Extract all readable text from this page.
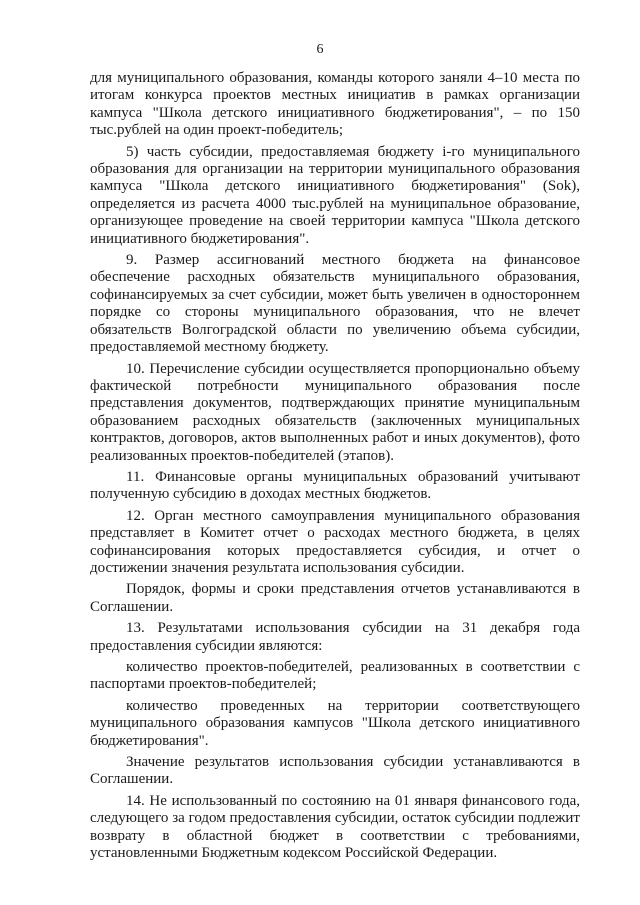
6

для муниципального образования, команды которого заняли 4–10 места по итогам конкурса проектов местных инициатив в рамках организации кампуса "Школа детского инициативного бюджетирования", – по 150 тыс.рублей на один проект-победитель;

5) часть субсидии, предоставляемая бюджету i-го муниципального образования для организации на территории муниципального образования кампуса "Школа детского инициативного бюджетирования" (Sok), определяется из расчета 4000 тыс.рублей на муниципальное образование, организующее проведение на своей территории кампуса "Школа детского инициативного бюджетирования".

9. Размер ассигнований местного бюджета на финансовое обеспечение расходных обязательств муниципального образования, софинансируемых за счет субсидии, может быть увеличен в одностороннем порядке со стороны муниципального образования, что не влечет обязательств Волгоградской области по увеличению объема субсидии, предоставляемой местному бюджету.

10. Перечисление субсидии осуществляется пропорционально объему фактической потребности муниципального образования после представления документов, подтверждающих принятие муниципальным образованием расходных обязательств (заключенных муниципальных контрактов, договоров, актов выполненных работ и иных документов), фото реализованных проектов-победителей (этапов).

11. Финансовые органы муниципальных образований учитывают полученную субсидию в доходах местных бюджетов.

12. Орган местного самоуправления муниципального образования представляет в Комитет отчет о расходах местного бюджета, в целях софинансирования которых предоставляется субсидия, и отчет о достижении значения результата использования субсидии.

Порядок, формы и сроки представления отчетов устанавливаются в Соглашении.

13. Результатами использования субсидии на 31 декабря года предоставления субсидии являются:

количество проектов-победителей, реализованных в соответствии с паспортами проектов-победителей;

количество проведенных на территории соответствующего муниципального образования кампусов "Школа детского инициативного бюджетирования".

Значение результатов использования субсидии устанавливаются в Соглашении.

14. Не использованный по состоянию на 01 января финансового года, следующего за годом предоставления субсидии, остаток субсидии подлежит возврату в областной бюджет в соответствии с требованиями, установленными Бюджетным кодексом Российской Федерации.
